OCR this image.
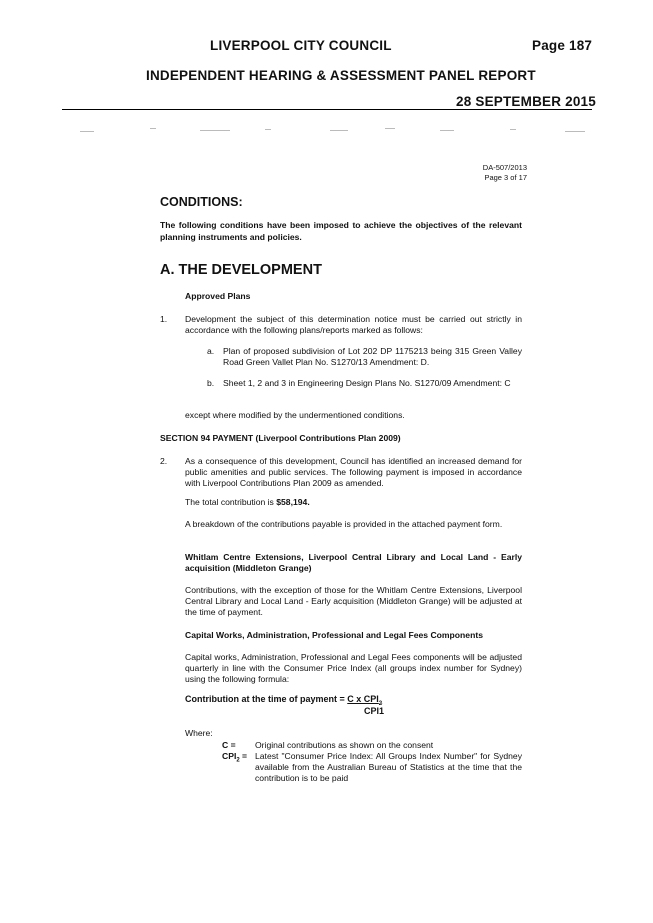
LIVERPOOL CITY COUNCIL	Page 187
INDEPENDENT HEARING & ASSESSMENT PANEL REPORT
28 SEPTEMBER 2015
DA-507/2013
Page 3 of 17
CONDITIONS:
The following conditions have been imposed to achieve the objectives of the relevant planning instruments and policies.
A. THE DEVELOPMENT
Approved Plans
1. Development the subject of this determination notice must be carried out strictly in accordance with the following plans/reports marked as follows:
a. Plan of proposed subdivision of Lot 202 DP 1175213 being 315 Green Valley Road Green Vallet Plan No. S1270/13 Amendment: D.
b. Sheet 1, 2 and 3 in Engineering Design Plans No. S1270/09 Amendment: C
except where modified by the undermentioned conditions.
SECTION 94 PAYMENT (Liverpool Contributions Plan 2009)
2. As a consequence of this development, Council has identified an increased demand for public amenities and public services. The following payment is imposed in accordance with Liverpool Contributions Plan 2009 as amended.
The total contribution is $58,194.
A breakdown of the contributions payable is provided in the attached payment form.
Whitlam Centre Extensions, Liverpool Central Library and Local Land - Early acquisition (Middleton Grange)
Contributions, with the exception of those for the Whitlam Centre Extensions, Liverpool Central Library and Local Land - Early acquisition (Middleton Grange) will be adjusted at the time of payment.
Capital Works, Administration, Professional and Legal Fees Components
Capital works, Administration, Professional and Legal Fees components will be adjusted quarterly in line with the Consumer Price Index (all groups index number for Sydney) using the following formula:
Contribution at the time of payment = C x $CPI_2$
CPI1
Where:
C = Original contributions as shown on the consent
$CPI_2$ = Latest "Consumer Price Index: All Groups Index Number" for Sydney available from the Australian Bureau of Statistics at the time that the contribution is to be paid
